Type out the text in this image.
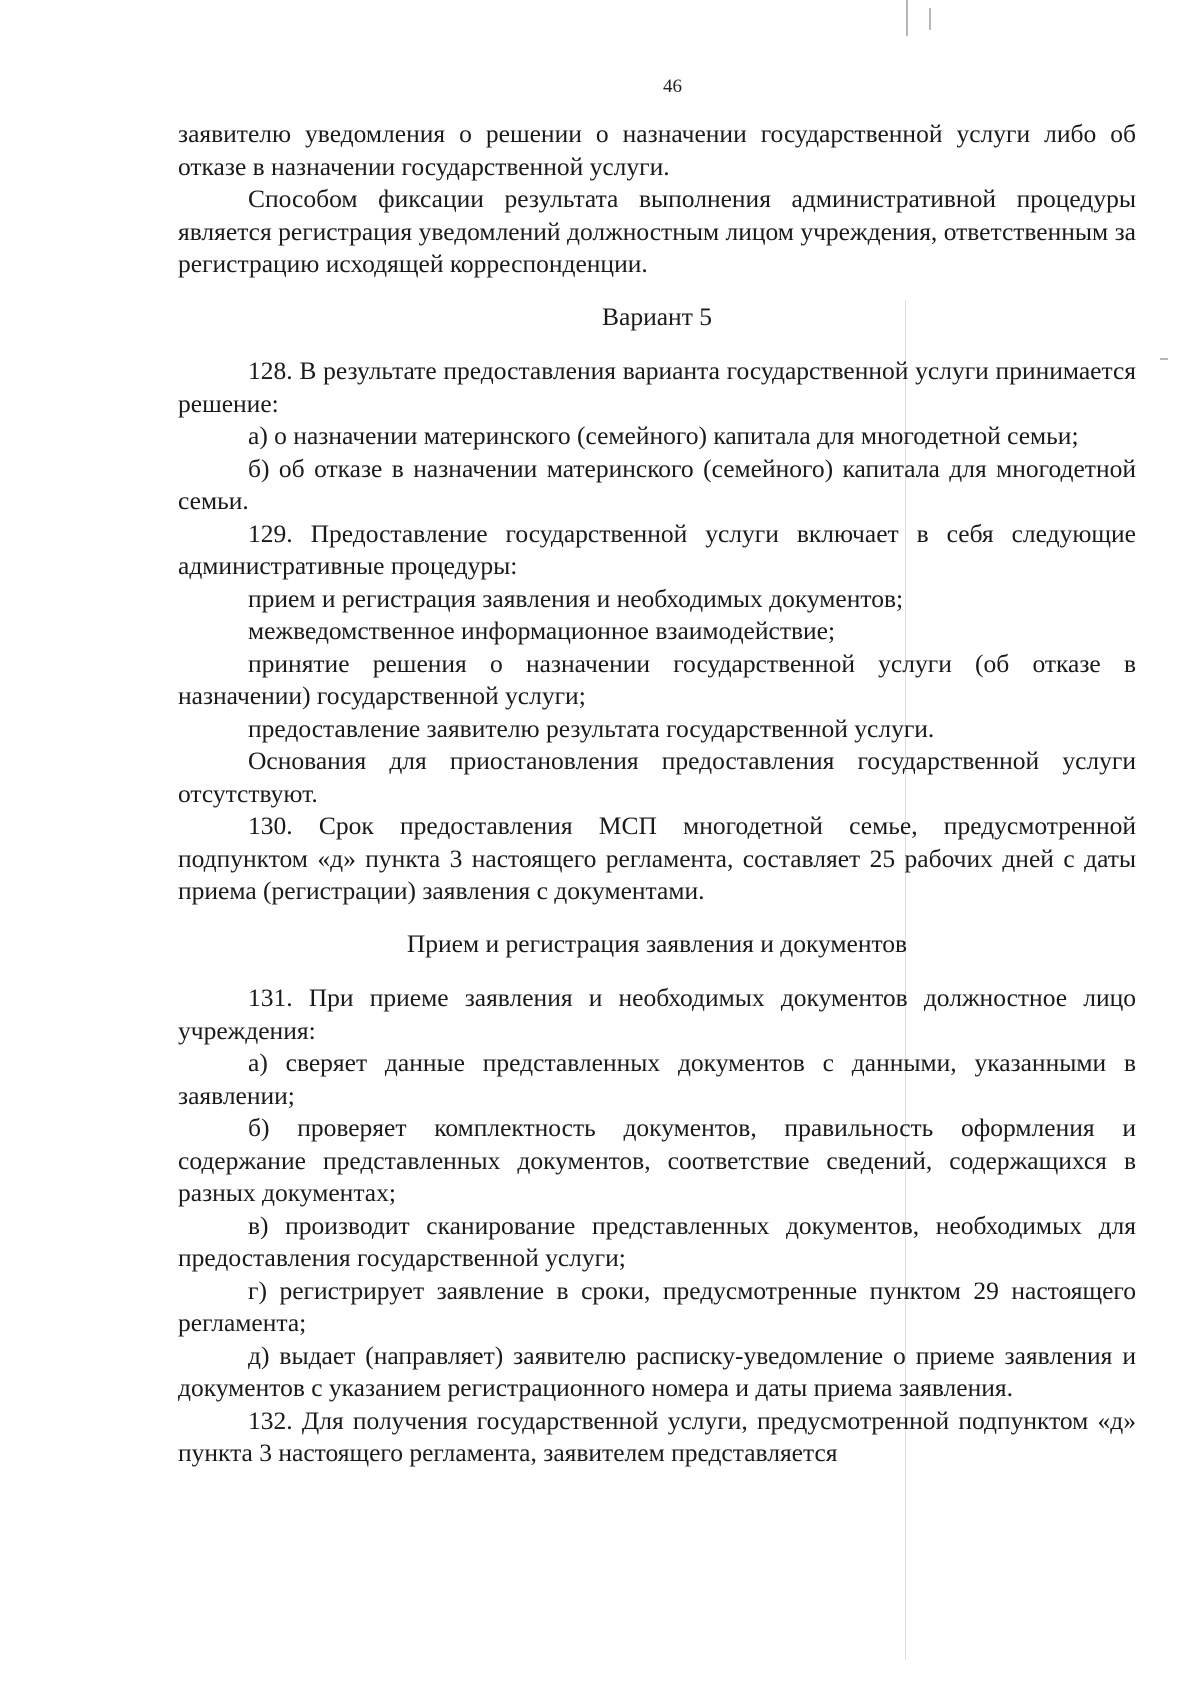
46

заявителю уведомления о решении о назначении государственной услуги либо об отказе в назначении государственной услуги.

Способом фиксации результата выполнения административной процедуры является регистрация уведомлений должностным лицом учреждения, ответственным за регистрацию исходящей корреспонденции.

Вариант 5

128. В результате предоставления варианта государственной услуги принимается решение:

а) о назначении материнского (семейного) капитала для многодетной семьи;

б) об отказе в назначении материнского (семейного) капитала для многодетной семьи.

129. Предоставление государственной услуги включает в себя следующие административные процедуры:

прием и регистрация заявления и необходимых документов;

межведомственное информационное взаимодействие;

принятие решения о назначении государственной услуги (об отказе в назначении) государственной услуги;

предоставление заявителю результата государственной услуги.

Основания для приостановления предоставления государственной услуги отсутствуют.

130. Срок предоставления МСП многодетной семье, предусмотренной подпунктом «д» пункта 3 настоящего регламента, составляет 25 рабочих дней с даты приема (регистрации) заявления с документами.

Прием и регистрация заявления и документов

131. При приеме заявления и необходимых документов должностное лицо учреждения:

а) сверяет данные представленных документов с данными, указанными в заявлении;

б) проверяет комплектность документов, правильность оформления и содержание представленных документов, соответствие сведений, содержащихся в разных документах;

в) производит сканирование представленных документов, необходимых для предоставления государственной услуги;

г) регистрирует заявление в сроки, предусмотренные пунктом 29 настоящего регламента;

д) выдает (направляет) заявителю расписку-уведомление о приеме заявления и документов с указанием регистрационного номера и даты приема заявления.

132. Для получения государственной услуги, предусмотренной подпунктом «д» пункта 3 настоящего регламента, заявителем представляется
